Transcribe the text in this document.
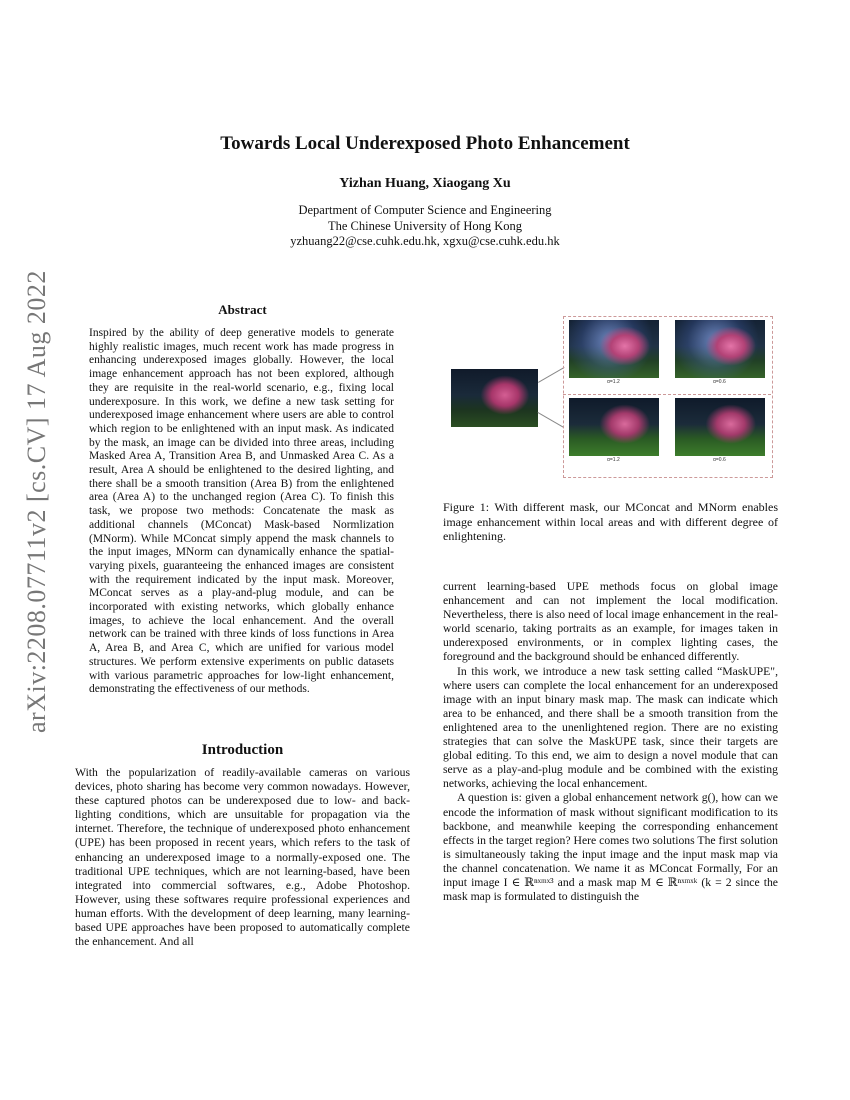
Towards Local Underexposed Photo Enhancement
Yizhan Huang, Xiaogang Xu
Department of Computer Science and Engineering
The Chinese University of Hong Kong
yzhuang22@cse.cuhk.edu.hk, xgxu@cse.cuhk.edu.hk
arXiv:2208.07711v2 [cs.CV] 17 Aug 2022	Abstract
Inspired by the ability of deep generative models to generate highly realistic images, much recent work has made progress in enhancing underexposed images globally. However, the local image enhancement approach has not been explored, although they are requisite in the real-world scenario, e.g., fixing local underexposure. In this work, we define a new task setting for underexposed image enhancement where users are able to control which region to be enlightened with an input mask. As indicated by the mask, an image can be divided into three areas, including Masked Area A, Transition Area B, and Unmasked Area C. As a result, Area A should be enlightened to the desired lighting, and there shall be a smooth transition (Area B) from the enlightened area (Area A) to the unchanged region (Area C). To finish this task, we propose two methods: Concatenate the mask as additional channels (MConcat) Mask-based Normlization (MNorm). While MConcat simply append the mask channels to the input images, MNorm can dynamically enhance the spatial-varying pixels, guaranteeing the enhanced images are consistent with the requirement indicated by the input mask. Moreover, MConcat serves as a play-and-plug module, and can be incorporated with existing networks, which globally enhance images, to achieve the local enhancement. And the overall network can be trained with three kinds of loss functions in Area A, Area B, and Area C, which are unified for various model structures. We perform extensive experiments on public datasets with various parametric approaches for low-light enhancement, demonstrating the effectiveness of our methods.
Introduction
With the popularization of readily-available cameras on various devices, photo sharing has become very common nowadays. However, these captured photos can be underexposed due to low- and back-lighting conditions, which are unsuitable for propagation via the internet. Therefore, the technique of underexposed photo enhancement (UPE) has been proposed in recent years, which refers to the task of enhancing an underexposed image to a normally-exposed one. The traditional UPE techniques, which are not learning-based, have been integrated into commercial softwares, e.g., Adobe Photoshop. However, using these softwares require professional experiences and human efforts. With the development of deep learning, many learning-based UPE approaches have been proposed to automatically complete the enhancement. And all
α=1.2	α=0.6
α=1.2	α=0.6
Figure 1: With different mask, our MConcat and MNorm enables image enhancement within local areas and with different degree of enlightening.

current learning-based UPE methods focus on global image enhancement and can not implement the local modification. Nevertheless, there is also need of local image enhancement in the real-world scenario, taking portraits as an example, for images taken in underexposed environments, or in complex lighting cases, the foreground and the background should be enhanced differently.

In this work, we introduce a new task setting called “MaskUPE", where users can complete the local enhancement for an underexposed image with an input binary mask map. The mask can indicate which area to be enhanced, and there shall be a smooth transition from the enlightened area to the unenlightened region. There are no existing strategies that can solve the MaskUPE task, since their targets are global editing. To this end, we aim to design a novel module that can serve as a play-and-plug module and be combined with the existing networks, achieving the local enhancement.

A question is: given a global enhancement network g(), how can we encode the information of mask without significant modification to its backbone, and meanwhile keeping the corresponding enhancement effects in the target region? Here comes two solutions The first solution is simultaneously taking the input image and the input mask map via the channel concatenation. We name it as MConcat Formally, For an input image I ∈ ℝⁿˣᵐˣ³ and a mask map M ∈ ℝⁿˣᵐˣᵏ (k = 2 since the mask map is formulated to distinguish the
